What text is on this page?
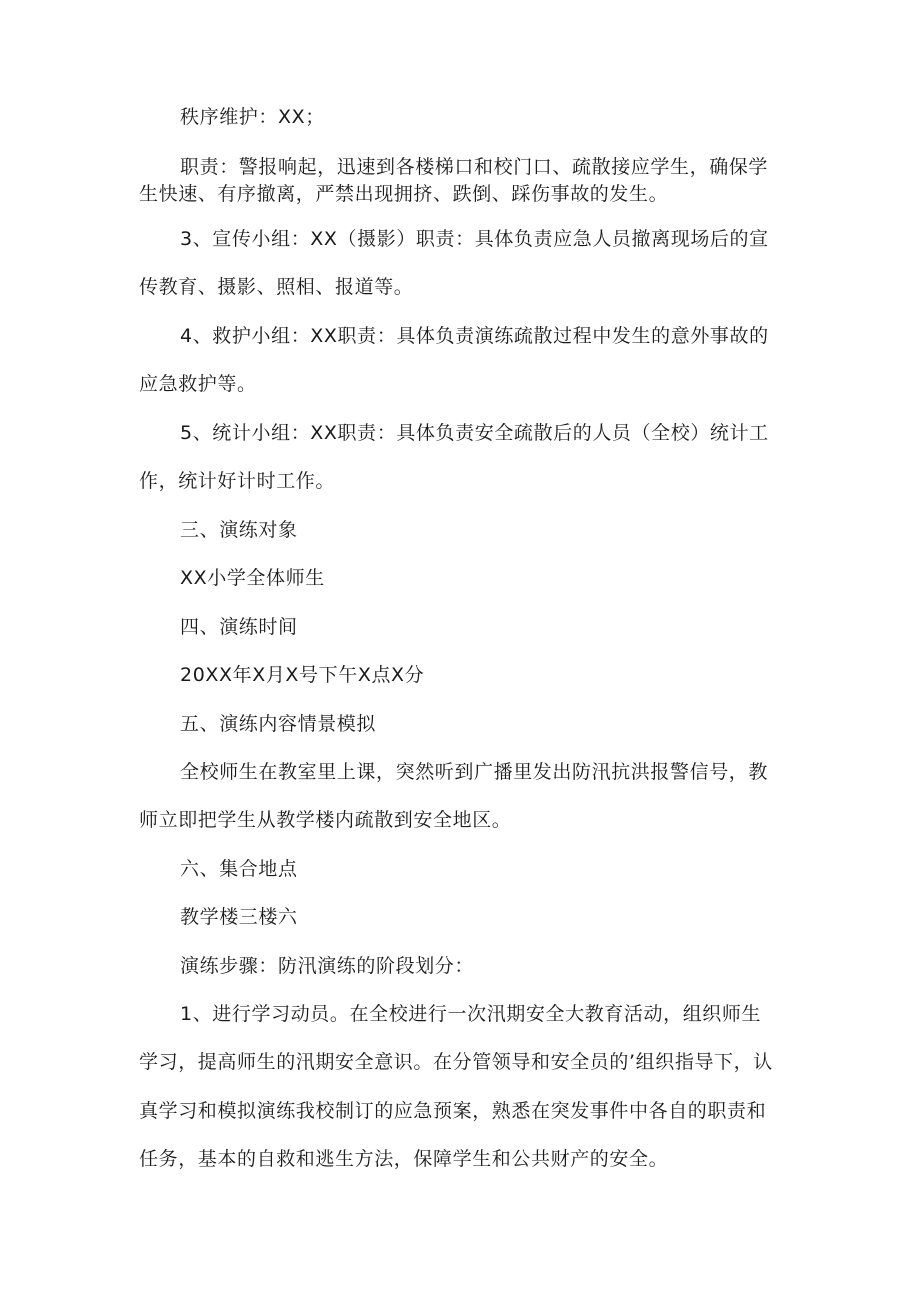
秩序维护：XX；
职责：警报响起，迅速到各楼梯口和校门口、疏散接应学生，确保学
生快速、有序撤离，严禁出现拥挤、跌倒、踩伤事故的发生。
3、宣传小组：XX（摄影）职责：具体负责应急人员撤离现场后的宣
传教育、摄影、照相、报道等。
4、救护小组：XX职责：具体负责演练疏散过程中发生的意外事故的
应急救护等。
5、统计小组：XX职责：具体负责安全疏散后的人员（全校）统计工
作，统计好计时工作。
三、演练对象
XX小学全体师生
四、演练时间
20XX年X月X号下午X点X分
五、演练内容情景模拟
全校师生在教室里上课，突然听到广播里发出防汛抗洪报警信号，教
师立即把学生从教学楼内疏散到安全地区。
六、集合地点
教学楼三楼六
演练步骤：防汛演练的阶段划分：
1、进行学习动员。在全校进行一次汛期安全大教育活动，组织师生
学习，提高师生的汛期安全意识。在分管领导和安全员的’组织指导下，认
真学习和模拟演练我校制订的应急预案，熟悉在突发事件中各自的职责和
任务，基本的自救和逃生方法，保障学生和公共财产的安全。
